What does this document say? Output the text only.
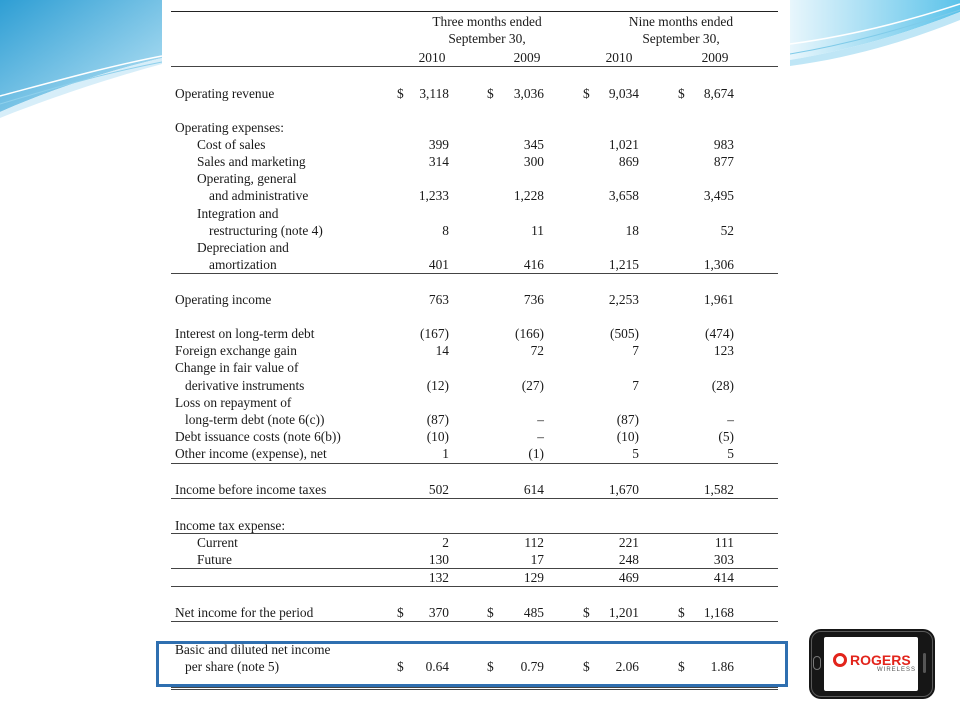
Three months ended
September 30,
Nine months ended
September 30,
2010	2009	2010	2009
Operating revenue	$	3,118	$	3,036	$	9,034	$	8,674
Operating expenses:
Cost of sales	399	345	1,021	983
Sales and marketing	314	300	869	877
Operating, general
and administrative	1,233	1,228	3,658	3,495
Integration and
restructuring (note 4)	8	11	18	52
Depreciation and
amortization	401	416	1,215	1,306
Operating income	763	736	2,253	1,961
Interest on long-term debt	(167)	(166)	(505)	(474)
Foreign exchange gain	14	72	7	123
Change in fair value of
derivative instruments	(12)	(27)	7	(28)
Loss on repayment of
long-term debt (note 6(c))	(87)	–	(87)	–
Debt issuance costs (note 6(b))	(10)	–	(10)	(5)
Other income (expense), net	1	(1)	5	5
Income before income taxes	502	614	1,670	1,582
Income tax expense:
Current	2	112	221	111
Future	130	17	248	303
132	129	469	414
Net income for the period	$	370	$	485	$	1,201	$	1,168
Basic and diluted net income
per share (note 5)	$	0.64	$	0.79	$	2.06	$	1.86	ROGERS
WIRELESS
